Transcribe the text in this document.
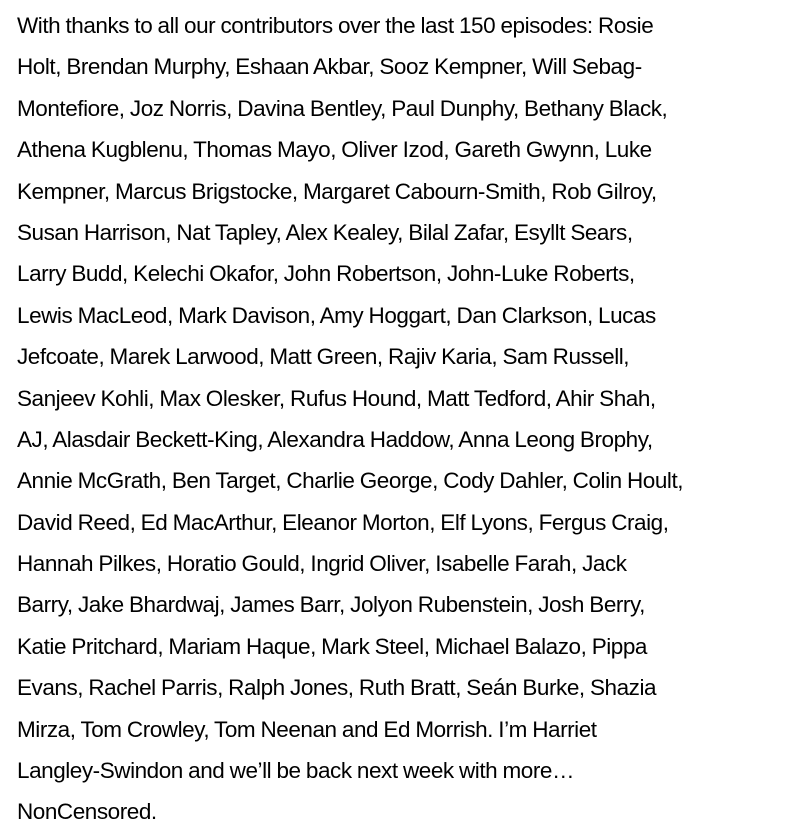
With thanks to all our contributors over the last 150 episodes: Rosie
Holt, Brendan Murphy, Eshaan Akbar, Sooz Kempner, Will Sebag-
Montefiore, Joz Norris, Davina Bentley, Paul Dunphy, Bethany Black,
Athena Kugblenu, Thomas Mayo, Oliver Izod, Gareth Gwynn, Luke
Kempner, Marcus Brigstocke, Margaret Cabourn-Smith, Rob Gilroy,
Susan Harrison, Nat Tapley, Alex Kealey, Bilal Zafar, Esyllt Sears,
Larry Budd, Kelechi Okafor, John Robertson, John-Luke Roberts,
Lewis MacLeod, Mark Davison, Amy Hoggart, Dan Clarkson, Lucas
Jefcoate, Marek Larwood, Matt Green, Rajiv Karia, Sam Russell,
Sanjeev Kohli, Max Olesker, Rufus Hound, Matt Tedford, Ahir Shah,
AJ, Alasdair Beckett-King, Alexandra Haddow, Anna Leong Brophy,
Annie McGrath, Ben Target, Charlie George, Cody Dahler, Colin Hoult,
David Reed, Ed MacArthur, Eleanor Morton, Elf Lyons, Fergus Craig,
Hannah Pilkes, Horatio Gould, Ingrid Oliver, Isabelle Farah, Jack
Barry, Jake Bhardwaj, James Barr, Jolyon Rubenstein, Josh Berry,
Katie Pritchard, Mariam Haque, Mark Steel, Michael Balazo, Pippa
Evans, Rachel Parris, Ralph Jones, Ruth Bratt, Seán Burke, Shazia
Mirza, Tom Crowley, Tom Neenan and Ed Morrish. I’m Harriet
Langley-Swindon and we’ll be back next week with more…
NonCensored.
